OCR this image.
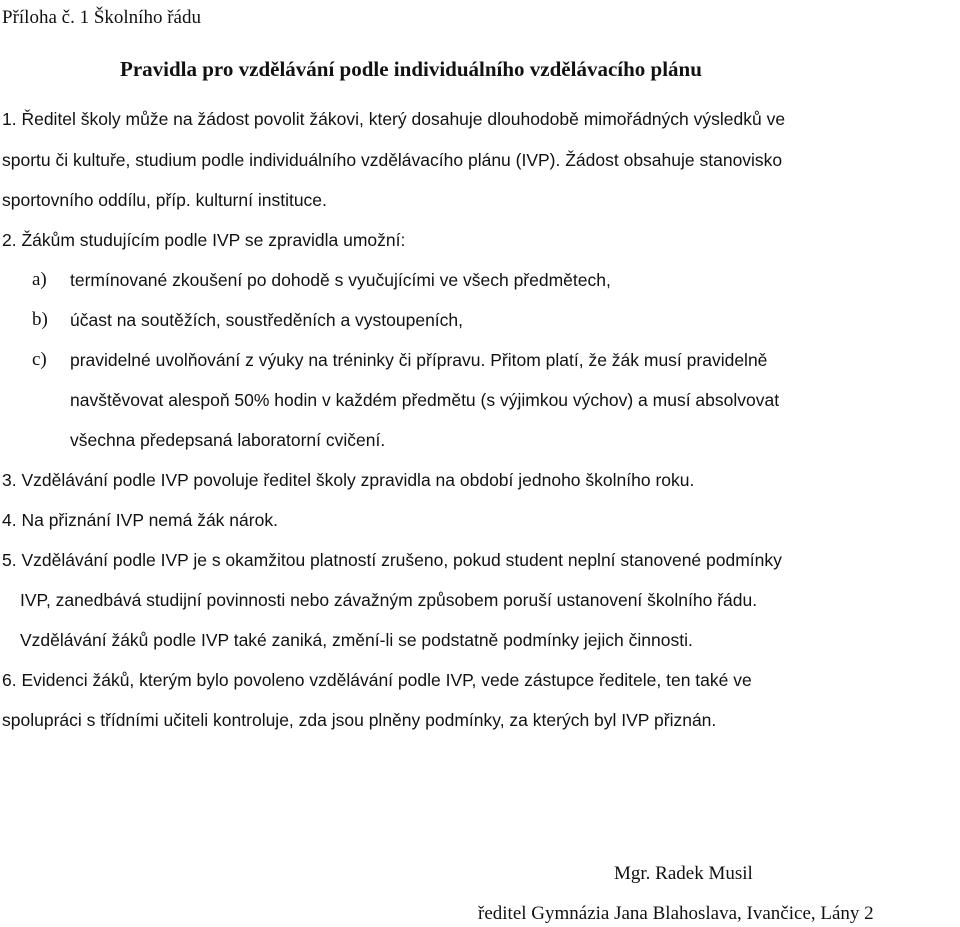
Příloha č. 1 Školního řádu
Pravidla pro vzdělávání podle individuálního vzdělávacího plánu
1. Ředitel školy může na žádost povolit žákovi, který dosahuje dlouhodobě mimořádných výsledků ve
sportu či kultuře, studium podle individuálního vzdělávacího plánu (IVP). Žádost obsahuje stanovisko
sportovního oddílu, příp. kulturní instituce.
2. Žákům studujícím podle IVP se zpravidla umožní:
a) termínované zkoušení po dohodě s vyučujícími ve všech předmětech,
b) účast na soutěžích, soustředěních a vystoupeních,
c) pravidelné uvolňování z výuky na tréninky či přípravu. Přitom platí, že žák musí pravidelně
navštěvovat alespoň 50% hodin v každém předmětu (s výjimkou výchov) a musí absolvovat
všechna předepsaná laboratorní cvičení.
3. Vzdělávání podle IVP povoluje ředitel školy zpravidla na období jednoho školního roku.
4. Na přiznání IVP nemá žák nárok.
5. Vzdělávání podle IVP je s okamžitou platností zrušeno, pokud student neplní stanovené podmínky
IVP, zanedbává studijní povinnosti nebo závažným způsobem poruší ustanovení školního řádu.
Vzdělávání žáků podle IVP také zaniká, změní-li se podstatně podmínky jejich činnosti.
6. Evidenci žáků, kterým bylo povoleno vzdělávání podle IVP, vede zástupce ředitele, ten také ve
spolupráci s třídními učiteli kontroluje, zda jsou plněny podmínky, za kterých byl IVP přiznán.
Mgr. Radek Musil
ředitel Gymnázia Jana Blahoslava, Ivančice, Lány 2
